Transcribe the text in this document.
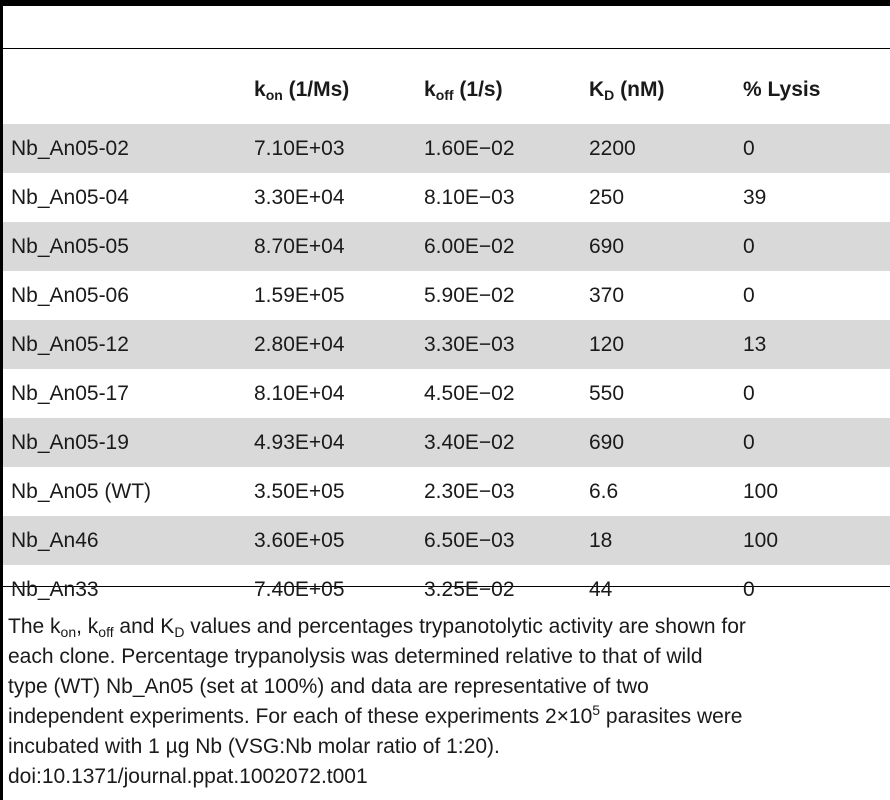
	$k_{on}$ (1/Ms)	$k_{off}$ (1/s)	$K_D$ (nM)	% Lysis
Nb_An05-02	7.10E+03	1.60E−02	2200	0
Nb_An05-04	3.30E+04	8.10E−03	250	39
Nb_An05-05	8.70E+04	6.00E−02	690	0
Nb_An05-06	1.59E+05	5.90E−02	370	0
Nb_An05-12	2.80E+04	3.30E−03	120	13
Nb_An05-17	8.10E+04	4.50E−02	550	0
Nb_An05-19	4.93E+04	3.40E−02	690	0
Nb_An05 (WT)	3.50E+05	2.30E−03	6.6	100
Nb_An46	3.60E+05	6.50E−03	18	100
Nb_An33	7.40E+05	3.25E−02	44	0

The $k_{on}$, $k_{off}$ and $K_D$ values and percentages trypanotolytic activity are shown for

each clone. Percentage trypanolysis was determined relative to that of wild

type (WT) Nb_An05 (set at 100%) and data are representative of two

independent experiments. For each of these experiments $2\times 10^5$ parasites were

incubated with 1 µg Nb (VSG:Nb molar ratio of 1:20).

doi:10.1371/journal.ppat.1002072.t001
